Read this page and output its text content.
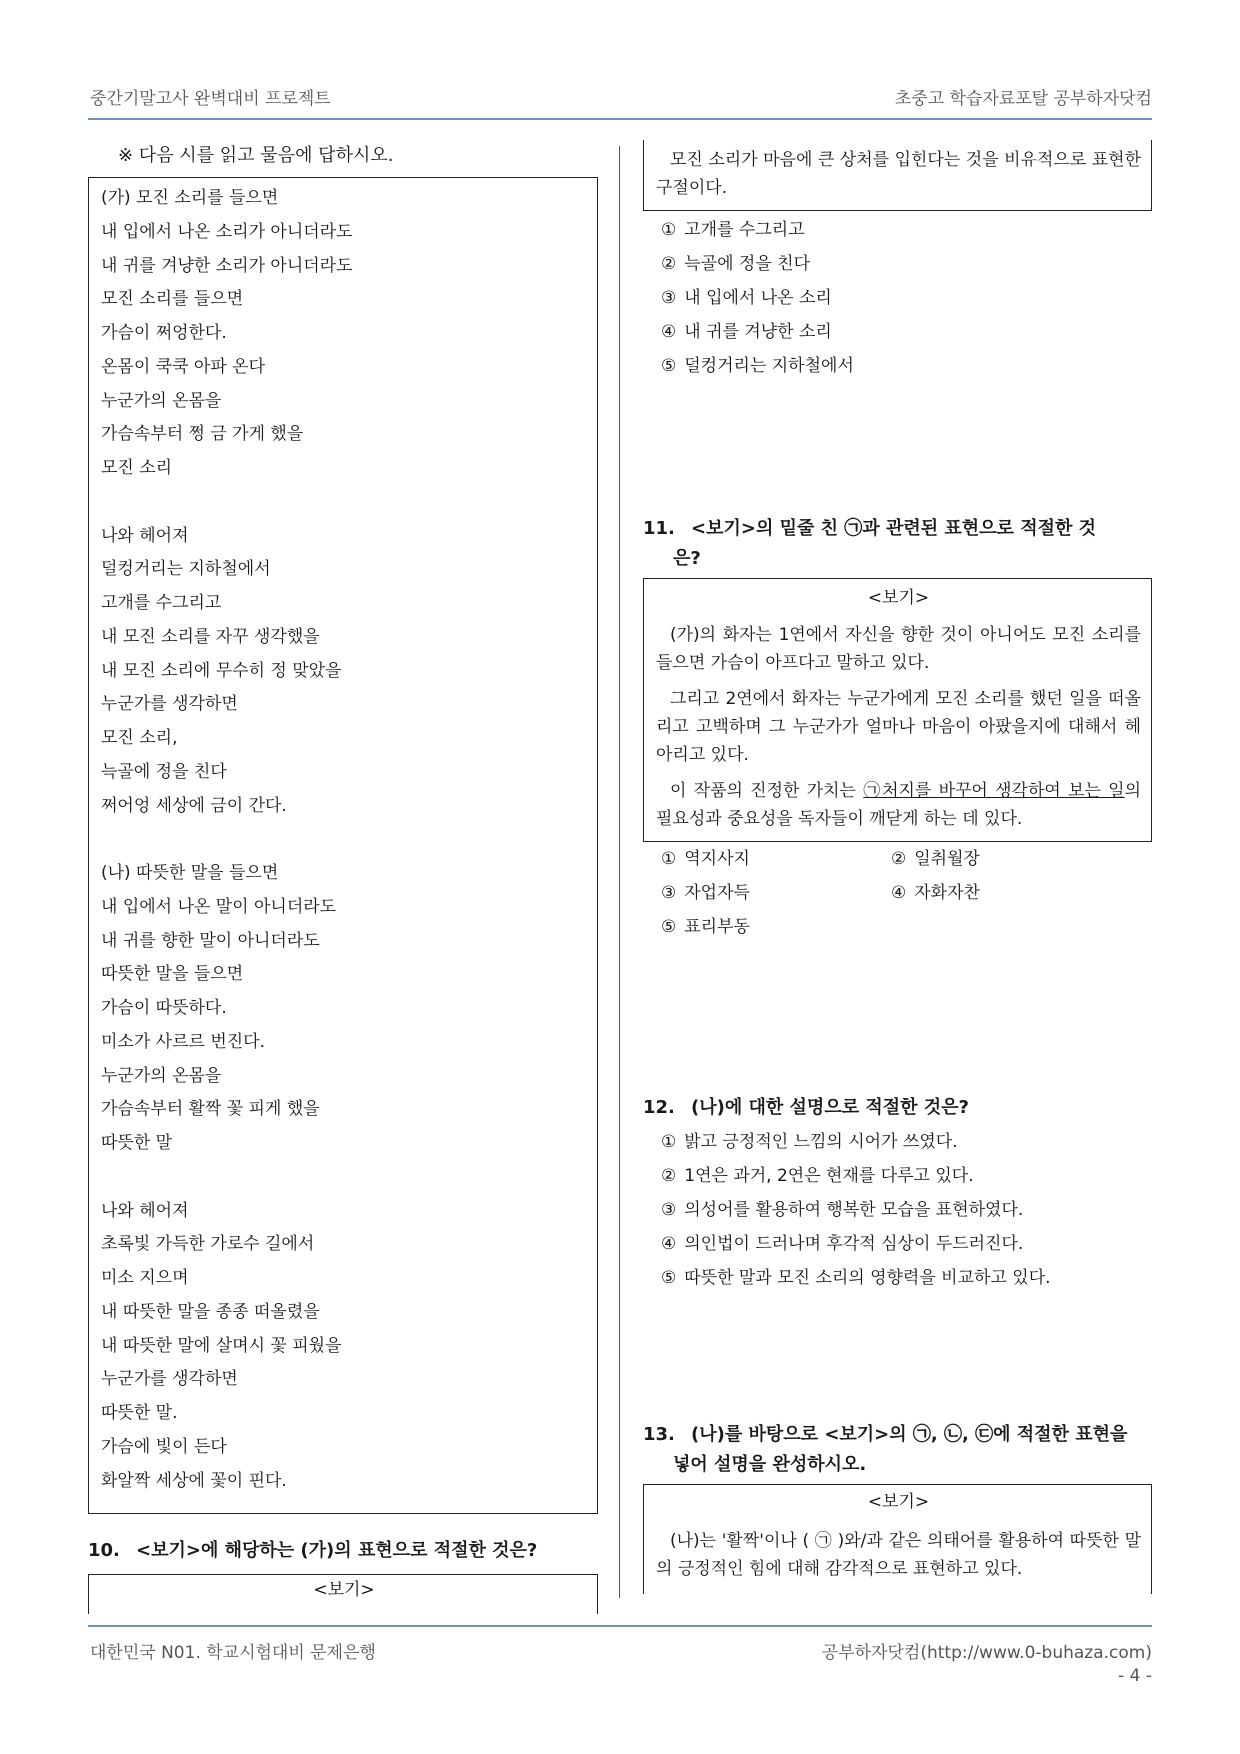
중간기말고사 완벽대비 프로젝트	초중고 학습자료포탈 공부하자닷컴
대한민국 N01. 학교시험대비 문제은행	공부하자닷컴(http://www.0-buhaza.com)
- 4 -
※ 다음 시를 읽고 물음에 답하시오.
(가) 모진 소리를 들으면
내 입에서 나온 소리가 아니더라도
내 귀를 겨냥한 소리가 아니더라도
모진 소리를 들으면
가슴이 쩌엉한다.
온몸이 쿡쿡 아파 온다
누군가의 온몸을
가슴속부터 쩡 금 가게 했을
모진 소리
나와 헤어져
덜컹거리는 지하철에서
고개를 수그리고
내 모진 소리를 자꾸 생각했을
내 모진 소리에 무수히 정 맞았을
누군가를 생각하면
모진 소리,
늑골에 정을 친다
쩌어엉 세상에 금이 간다.
(나) 따뜻한 말을 들으면
내 입에서 나온 말이 아니더라도
내 귀를 향한 말이 아니더라도
따뜻한 말을 들으면
가슴이 따뜻하다.
미소가 사르르 번진다.
누군가의 온몸을
가슴속부터 활짝 꽃 피게 했을
따뜻한 말
나와 헤어져
초록빛 가득한 가로수 길에서
미소 지으며
내 따뜻한 말을 종종 떠올렸을
내 따뜻한 말에 살며시 꽃 피웠을
누군가를 생각하면
따뜻한 말.
가슴에 빛이 든다
화알짝 세상에 꽃이 핀다.
10. <보기>에 해당하는 (가)의 표현으로 적절한 것은?
<보기>

모진 소리가 마음에 큰 상처를 입힌다는 것을 비유적으로 표현한 구절이다.

① 고개를 수그리고
② 늑골에 정을 친다
③ 내 입에서 나온 소리
④ 내 귀를 겨냥한 소리
⑤ 덜컹거리는 지하철에서
11. <보기>의 밑줄 친 ㉠과 관련된 표현으로 적절한 것
은?
<보기>

(가)의 화자는 1연에서 자신을 향한 것이 아니어도 모진 소리를 들으면 가슴이 아프다고 말하고 있다.

그리고 2연에서 화자는 누군가에게 모진 소리를 했던 일을 떠올리고 고백하며 그 누군가가 얼마나 마음이 아팠을지에 대해서 헤아리고 있다.

이 작품의 진정한 가치는 ㉠처지를 바꾸어 생각하여 보는 일의 필요성과 중요성을 독자들이 깨닫게 하는 데 있다.

① 역지사지	② 일취월장
③ 자업자득	④ 자화자찬
⑤ 표리부동
12. (나)에 대한 설명으로 적절한 것은?
① 밝고 긍정적인 느낌의 시어가 쓰였다.
② 1연은 과거, 2연은 현재를 다루고 있다.
③ 의성어를 활용하여 행복한 모습을 표현하였다.
④ 의인법이 드러나며 후각적 심상이 두드러진다.
⑤ 따뜻한 말과 모진 소리의 영향력을 비교하고 있다.
13. (나)를 바탕으로 <보기>의 ㉠, ㉡, ㉢에 적절한 표현을
넣어 설명을 완성하시오.
<보기>

(나)는 '활짝'이나 ( ㉠ )와/과 같은 의태어를 활용하여 따뜻한 말의 긍정적인 힘에 대해 감각적으로 표현하고 있다.
